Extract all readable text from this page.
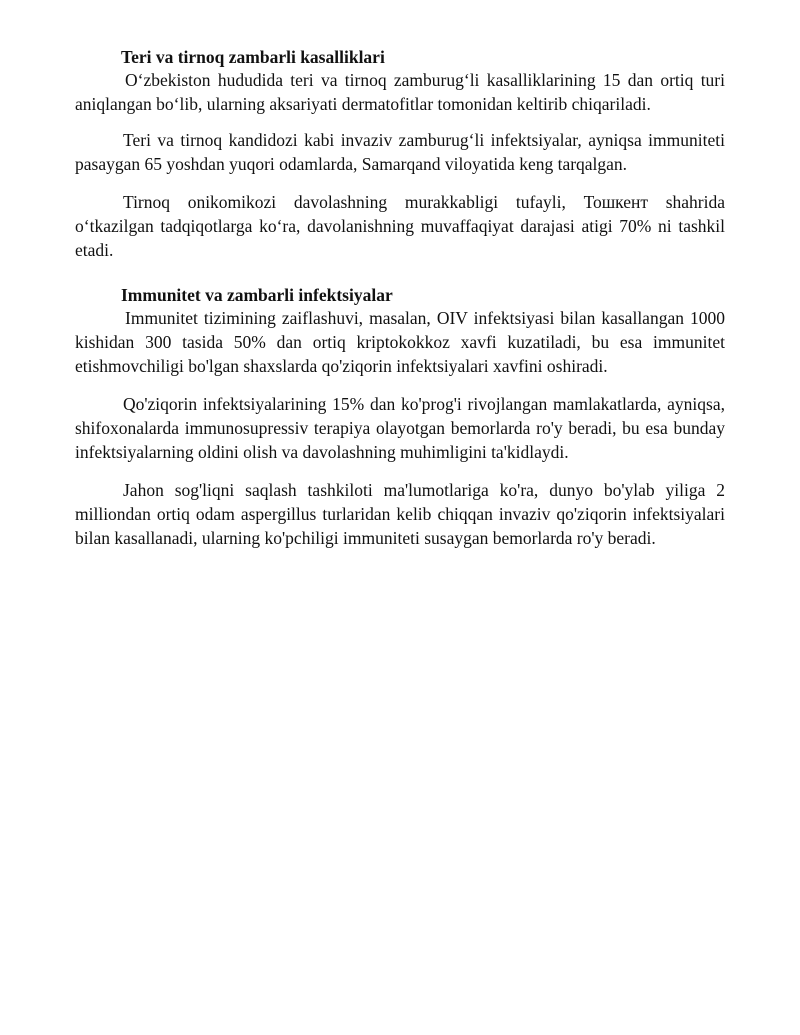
Teri va tirnoq zambarli kasalliklari

O‘zbekiston hududida teri va tirnoq zamburug‘li kasalliklarining 15 dan ortiq turi aniqlangan bo‘lib, ularning aksariyati dermatofitlar tomonidan keltirib chiqariladi.

Teri va tirnoq kandidozi kabi invaziv zamburug‘li infektsiyalar, ayniqsa immuniteti pasaygan 65 yoshdan yuqori odamlarda, Samarqand viloyatida keng tarqalgan.

Tirnoq onikomikozi davolashning murakkabligi tufayli, Тошкент shahrida o‘tkazilgan tadqiqotlarga ko‘ra, davolanishning muvaffaqiyat darajasi atigi 70% ni tashkil etadi.

Immunitet va zambarli infektsiyalar

Immunitet tizimining zaiflashuvi, masalan, OIV infektsiyasi bilan kasallangan 1000 kishidan 300 tasida 50% dan ortiq kriptokokkoz xavfi kuzatiladi, bu esa immunitet etishmovchiligi bo'lgan shaxslarda qo'ziqorin infektsiyalari xavfini oshiradi.

Qo'ziqorin infektsiyalarining 15% dan ko'prog'i rivojlangan mamlakatlarda, ayniqsa, shifoxonalarda immunosupressiv terapiya olayotgan bemorlarda ro'y beradi, bu esa bunday infektsiyalarning oldini olish va davolashning muhimligini ta'kidlaydi.

Jahon sog'liqni saqlash tashkiloti ma'lumotlariga ko'ra, dunyo bo'ylab yiliga 2 milliondan ortiq odam aspergillus turlaridan kelib chiqqan invaziv qo'ziqorin infektsiyalari bilan kasallanadi, ularning ko'pchiligi immuniteti susaygan bemorlarda ro'y beradi.
